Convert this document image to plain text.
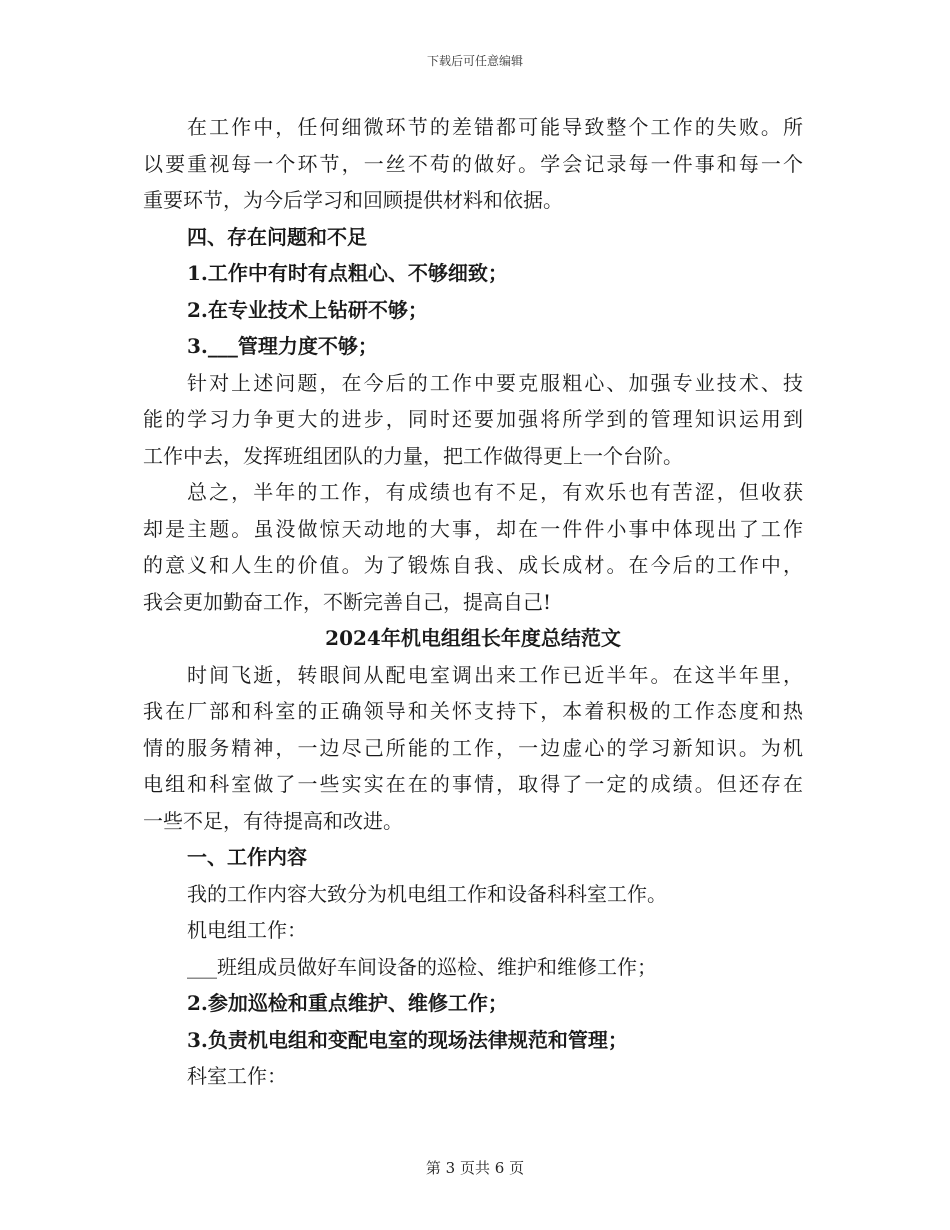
下载后可任意编辑
在工作中，任何细微环节的差错都可能导致整个工作的失败。所
以要重视每一个环节，一丝不苟的做好。学会记录每一件事和每一个
重要环节，为今后学习和回顾提供材料和依据。
四、存在问题和不足
1.工作中有时有点粗心、不够细致；
2.在专业技术上钻研不够；
3.___管理力度不够；
针对上述问题，在今后的工作中要克服粗心、加强专业技术、技
能的学习力争更大的进步，同时还要加强将所学到的管理知识运用到
工作中去，发挥班组团队的力量，把工作做得更上一个台阶。
总之，半年的工作，有成绩也有不足，有欢乐也有苦涩，但收获
却是主题。虽没做惊天动地的大事，却在一件件小事中体现出了工作
的意义和人生的价值。为了锻炼自我、成长成材。在今后的工作中，
我会更加勤奋工作，不断完善自己，提高自己!
2024年机电组组长年度总结范文
时间飞逝，转眼间从配电室调出来工作已近半年。在这半年里，
我在厂部和科室的正确领导和关怀支持下，本着积极的工作态度和热
情的服务精神，一边尽己所能的工作，一边虚心的学习新知识。为机
电组和科室做了一些实实在在的事情，取得了一定的成绩。但还存在
一些不足，有待提高和改进。
一、工作内容
我的工作内容大致分为机电组工作和设备科科室工作。
机电组工作：
___班组成员做好车间设备的巡检、维护和维修工作；
2.参加巡检和重点维护、维修工作；
3.负责机电组和变配电室的现场法律规范和管理；
科室工作：
第 3 页共 6 页
